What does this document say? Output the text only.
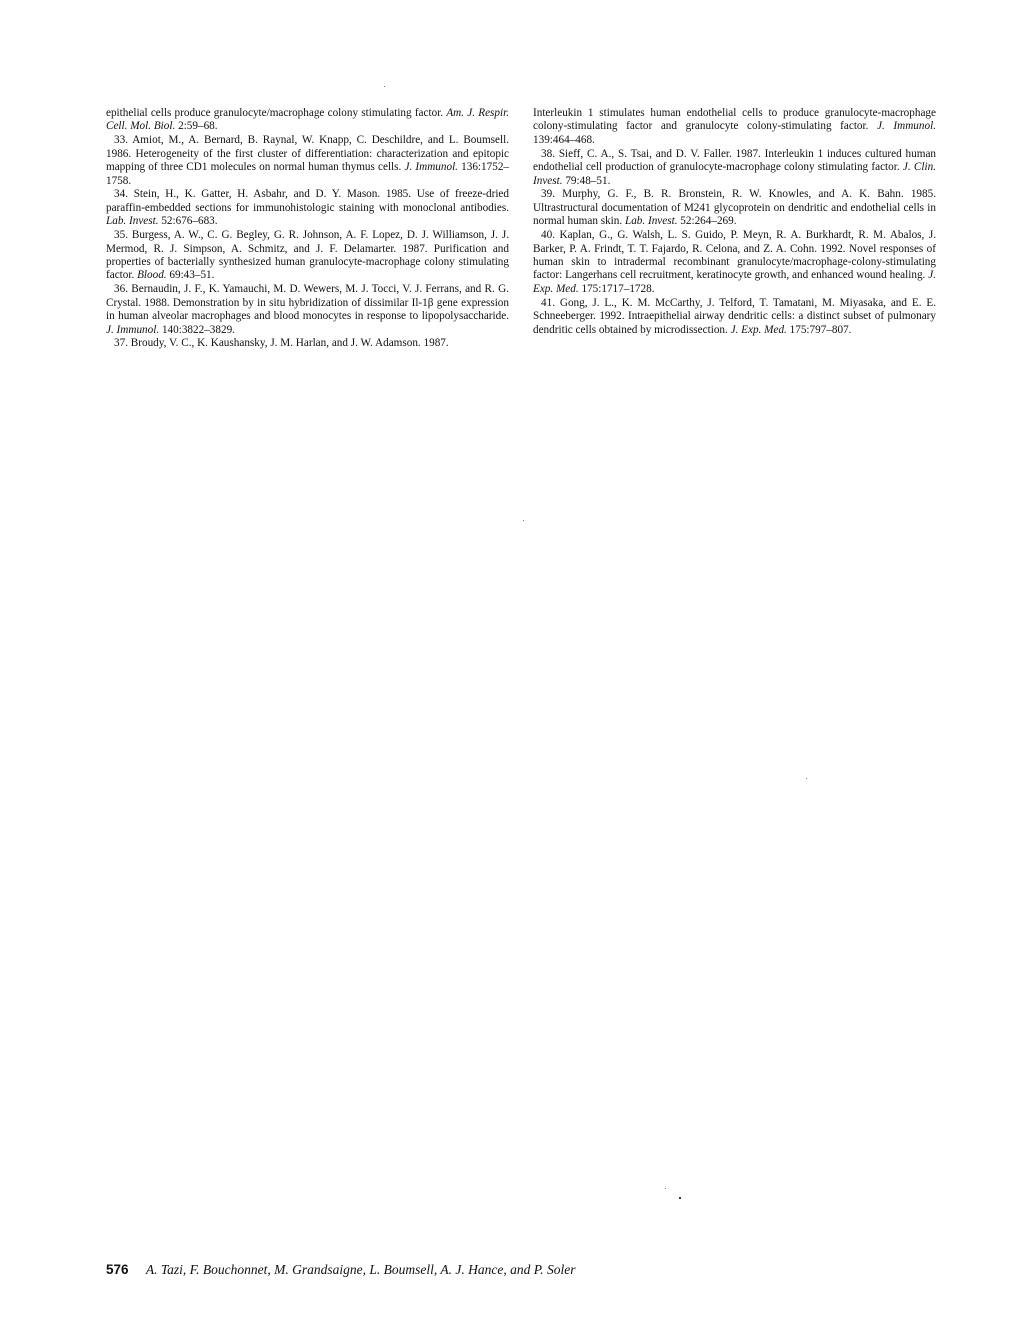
epithelial cells produce granulocyte/macrophage colony stimulating factor. Am. J. Respir. Cell. Mol. Biol. 2:59–68.

33. Amiot, M., A. Bernard, B. Raynal, W. Knapp, C. Deschildre, and L. Boumsell. 1986. Heterogeneity of the first cluster of differentiation: characterization and epitopic mapping of three CD1 molecules on normal human thymus cells. J. Immunol. 136:1752–1758.

34. Stein, H., K. Gatter, H. Asbahr, and D. Y. Mason. 1985. Use of freeze-dried paraffin-embedded sections for immunohistologic staining with monoclonal antibodies. Lab. Invest. 52:676–683.

35. Burgess, A. W., C. G. Begley, G. R. Johnson, A. F. Lopez, D. J. Williamson, J. J. Mermod, R. J. Simpson, A. Schmitz, and J. F. Delamarter. 1987. Purification and properties of bacterially synthesized human granulocyte-macrophage colony stimulating factor. Blood. 69:43–51.

36. Bernaudin, J. F., K. Yamauchi, M. D. Wewers, M. J. Tocci, V. J. Ferrans, and R. G. Crystal. 1988. Demonstration by in situ hybridization of dissimilar Il-1β gene expression in human alveolar macrophages and blood monocytes in response to lipopolysaccharide. J. Immunol. 140:3822–3829.

37. Broudy, V. C., K. Kaushansky, J. M. Harlan, and J. W. Adamson. 1987.

Interleukin 1 stimulates human endothelial cells to produce granulocyte-macrophage colony-stimulating factor and granulocyte colony-stimulating factor. J. Immunol. 139:464–468.

38. Sieff, C. A., S. Tsai, and D. V. Faller. 1987. Interleukin 1 induces cultured human endothelial cell production of granulocyte-macrophage colony stimulating factor. J. Clin. Invest. 79:48–51.

39. Murphy, G. F., B. R. Bronstein, R. W. Knowles, and A. K. Bahn. 1985. Ultrastructural documentation of M241 glycoprotein on dendritic and endothelial cells in normal human skin. Lab. Invest. 52:264–269.

40. Kaplan, G., G. Walsh, L. S. Guido, P. Meyn, R. A. Burkhardt, R. M. Abalos, J. Barker, P. A. Frindt, T. T. Fajardo, R. Celona, and Z. A. Cohn. 1992. Novel responses of human skin to intradermal recombinant granulocyte/macrophage-colony-stimulating factor: Langerhans cell recruitment, keratinocyte growth, and enhanced wound healing. J. Exp. Med. 175:1717–1728.

41. Gong, J. L., K. M. McCarthy, J. Telford, T. Tamatani, M. Miyasaka, and E. E. Schneeberger. 1992. Intraepithelial airway dendritic cells: a distinct subset of pulmonary dendritic cells obtained by microdissection. J. Exp. Med. 175:797–807.

576 A. Tazi, F. Bouchonnet, M. Grandsaigne, L. Boumsell, A. J. Hance, and P. Soler
